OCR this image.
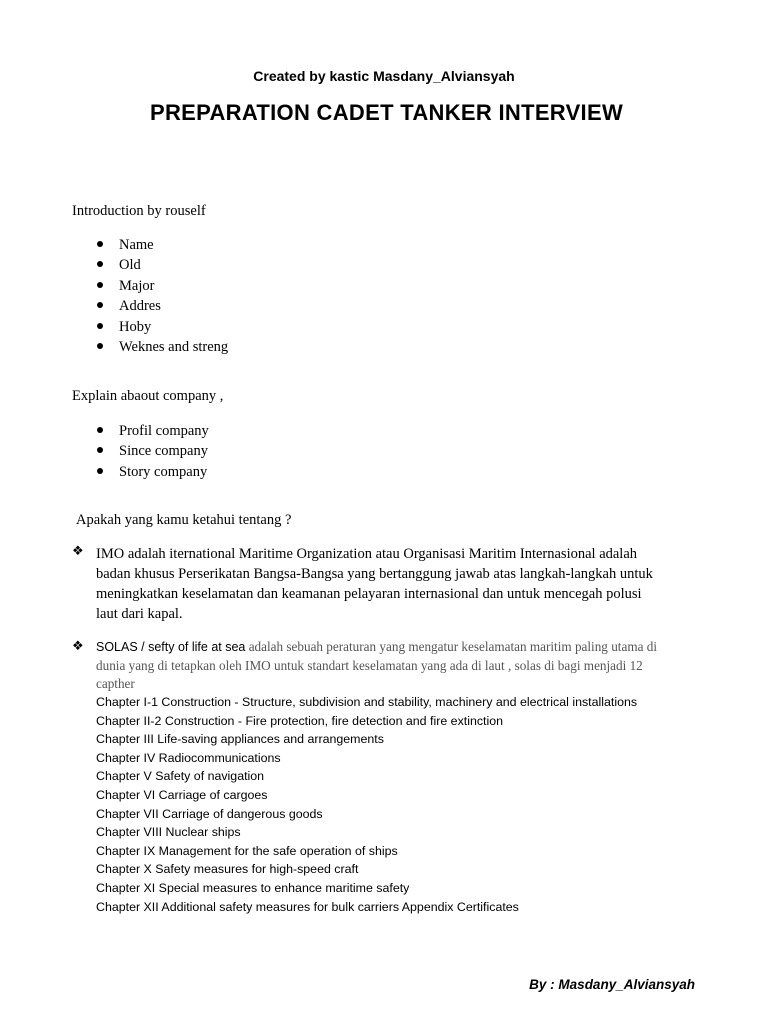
Created by kastic Masdany_Alviansyah
PREPARATION CADET TANKER INTERVIEW
Introduction by rouself
Name
Old
Major
Addres
Hoby
Weknes and streng
Explain abaout company ,
Profil company
Since company
Story company
Apakah yang kamu ketahui tentang ?
❖ IMO adalah iternational Maritime Organization atau Organisasi Maritim Internasional adalah
badan khusus Perserikatan Bangsa-Bangsa yang bertanggung jawab atas langkah-langkah untuk
meningkatkan keselamatan dan keamanan pelayaran internasional dan untuk mencegah polusi
laut dari kapal.
❖ SOLAS / sefty of life at sea adalah sebuah peraturan yang mengatur keselamatan maritim paling utama di
dunia yang di tetapkan oleh IMO untuk standart keselamatan yang ada di laut , solas di bagi menjadi 12
capther
Chapter I-1 Construction - Structure, subdivision and stability, machinery and electrical installations
Chapter II-2 Construction - Fire protection, fire detection and fire extinction
Chapter III Life-saving appliances and arrangements
Chapter IV Radiocommunications
Chapter V Safety of navigation
Chapter VI Carriage of cargoes
Chapter VII Carriage of dangerous goods
Chapter VIII Nuclear ships
Chapter IX Management for the safe operation of ships
Chapter X Safety measures for high-speed craft
Chapter XI Special measures to enhance maritime safety
Chapter XII Additional safety measures for bulk carriers Appendix Certificates
By : Masdany_Alviansyah
